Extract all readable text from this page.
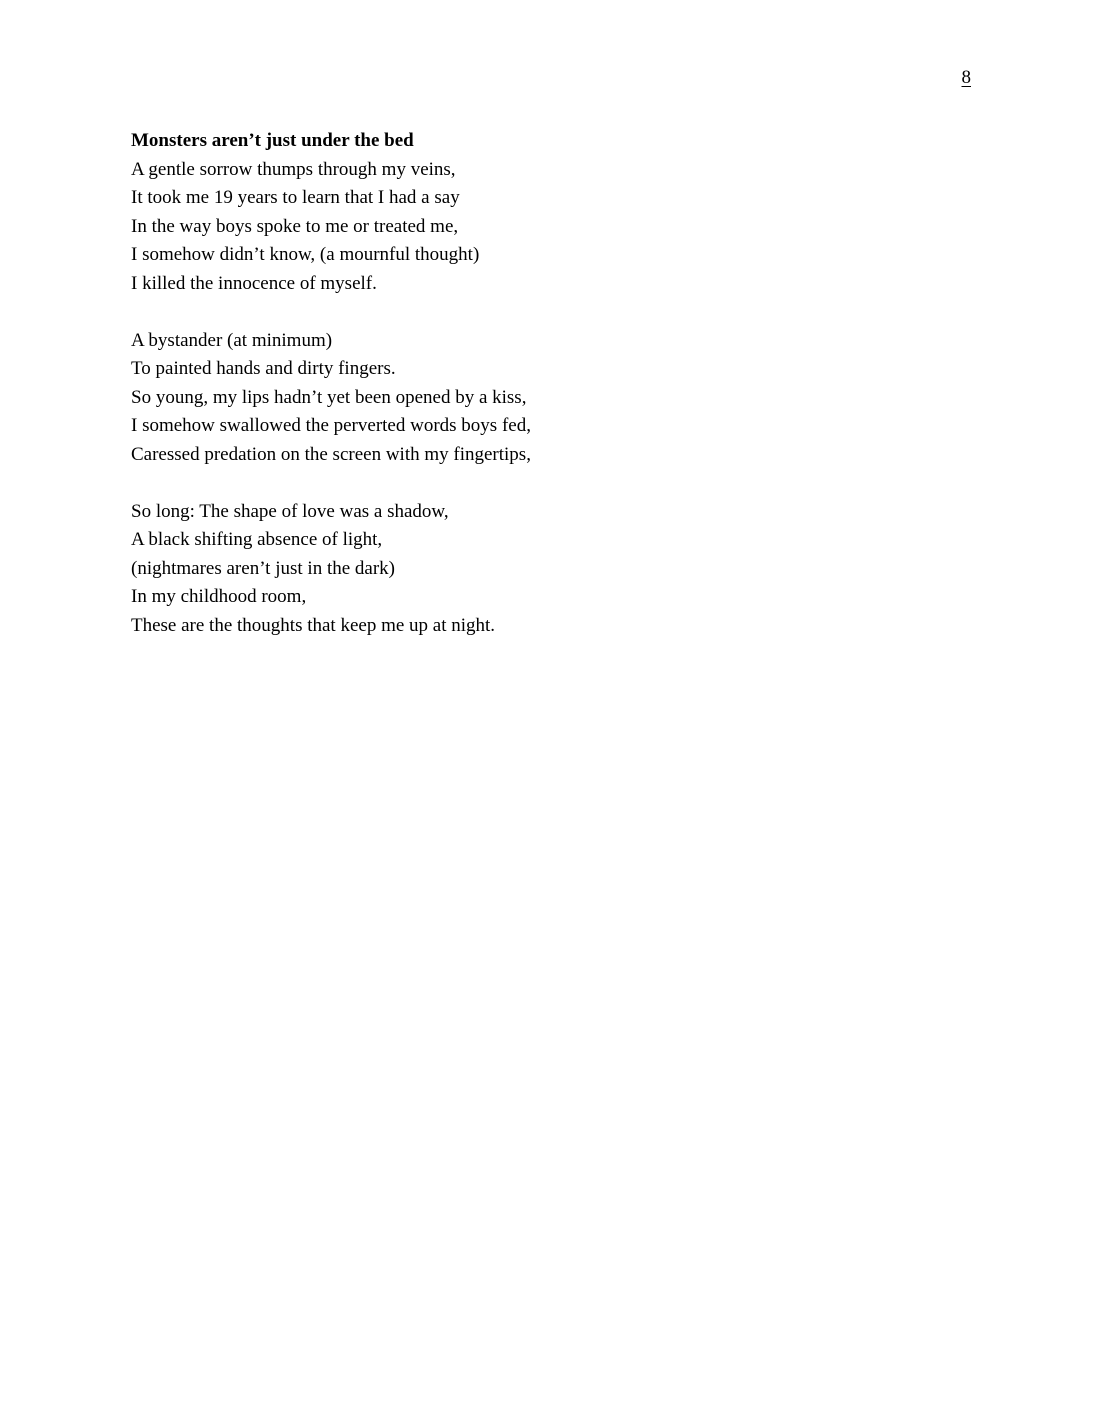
8
Monsters aren’t just under the bed
A gentle sorrow thumps through my veins,
It took me 19 years to learn that I had a say
In the way boys spoke to me or treated me,
I somehow didn’t know, (a mournful thought)
I killed the innocence of myself.
A bystander (at minimum)
To painted hands and dirty fingers.
So young, my lips hadn’t yet been opened by a kiss,
I somehow swallowed the perverted words boys fed,
Caressed predation on the screen with my fingertips,
So long: The shape of love was a shadow,
A black shifting absence of light,
(nightmares aren’t just in the dark)
In my childhood room,
These are the thoughts that keep me up at night.
